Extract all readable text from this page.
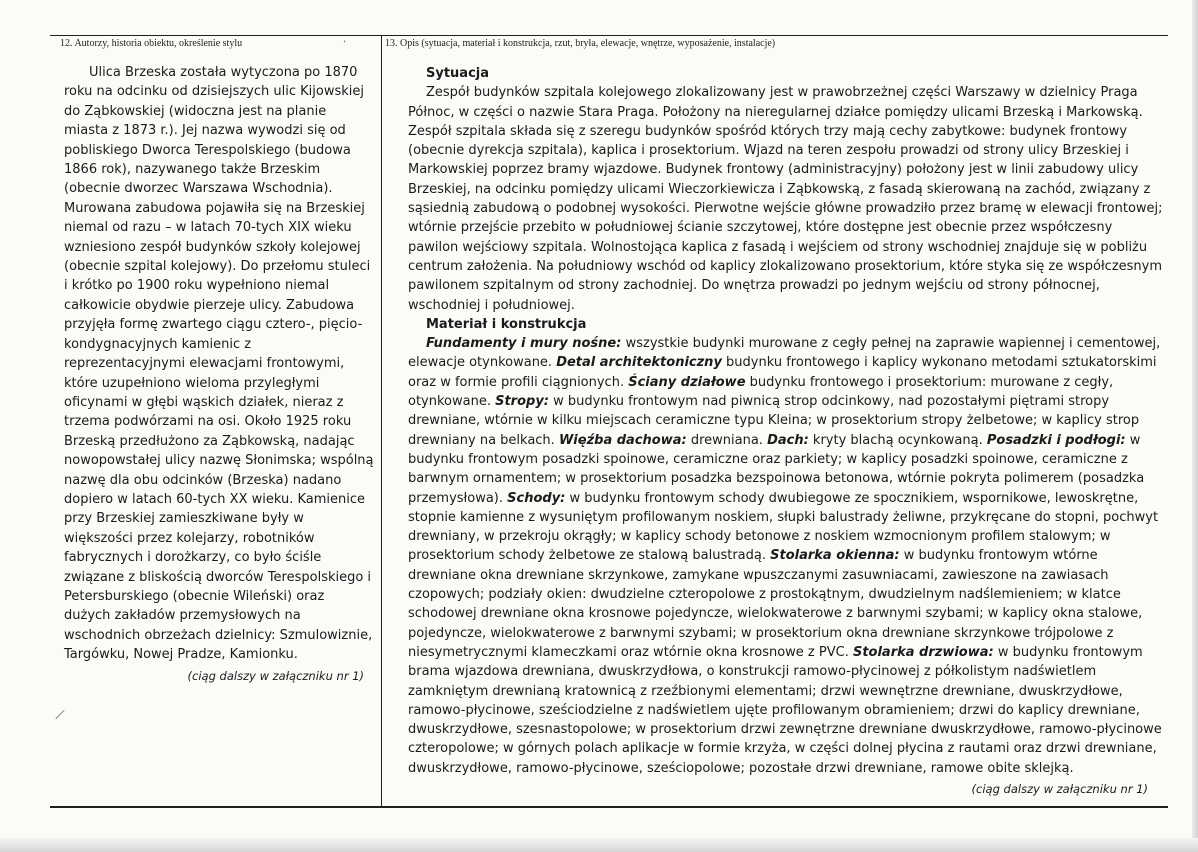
12. Autorzy, historia obiektu, określenie stylu	13. Opis (sytuacja, materiał i konstrukcja, rzut, bryła, elewacje, wnętrze, wyposażenie, instalacje)
ʼ

Ulica Brzeska została wytyczona po 1870 roku na odcinku od dzisiejszych ulic Kijowskiej do Ząbkowskiej (widoczna jest na planie miasta z 1873 r.). Jej nazwa wywodzi się od pobliskiego Dworca Terespolskiego (budowa 1866 rok), nazywanego także Brzeskim (obecnie dworzec Warszawa Wschodnia). Murowana zabudowa pojawiła się na Brzeskiej niemal od razu – w latach 70-tych XIX wieku wzniesiono zespół budynków szkoły kolejowej (obecnie szpital kolejowy). Do przełomu stuleci i krótko po 1900 roku wypełniono niemal całkowicie obydwie pierzeje ulicy. Zabudowa przyjęła formę zwartego ciągu cztero-, pięcio-kondygnacyjnych kamienic z reprezentacyjnymi elewacjami frontowymi, które uzupełniono wieloma przyległymi oficynami w głębi wąskich działek, nieraz z trzema podwórzami na osi. Około 1925 roku Brzeską przedłużono za Ząbkowską, nadając nowopowstałej ulicy nazwę Słonimska; wspólną nazwę dla obu odcinków (Brzeska) nadano dopiero w latach 60-tych XX wieku. Kamienice przy Brzeskiej zamieszkiwane były w większości przez kolejarzy, robotników fabrycznych i dorożkarzy, co było ściśle związane z bliskością dworców Terespolskiego i Petersburskiego (obecnie Wileński) oraz dużych zakładów przemysłowych na wschodnich obrzeżach dzielnicy: Szmulowiznie, Targówku, Nowej Pradze, Kamionku.

(ciąg dalszy w załączniku nr 1)
Sytuacja

Zespół budynków szpitala kolejowego zlokalizowany jest w prawobrzeżnej części Warszawy w dzielnicy Praga Północ, w części o nazwie Stara Praga. Położony na nieregularnej działce pomiędzy ulicami Brzeską i Markowską. Zespół szpitala składa się z szeregu budynków spośród których trzy mają cechy zabytkowe: budynek frontowy (obecnie dyrekcja szpitala), kaplica i prosektorium. Wjazd na teren zespołu prowadzi od strony ulicy Brzeskiej i Markowskiej poprzez bramy wjazdowe. Budynek frontowy (administracyjny) położony jest w linii zabudowy ulicy Brzeskiej, na odcinku pomiędzy ulicami Wieczorkiewicza i Ząbkowską, z fasadą skierowaną na zachód, związany z sąsiednią zabudową o podobnej wysokości. Pierwotne wejście główne prowadziło przez bramę w elewacji frontowej; wtórnie przejście przebito w południowej ścianie szczytowej, które dostępne jest obecnie przez współczesny pawilon wejściowy szpitala. Wolnostojąca kaplica z fasadą i wejściem od strony wschodniej znajduje się w pobliżu centrum założenia. Na południowy wschód od kaplicy zlokalizowano prosektorium, które styka się ze współczesnym pawilonem szpitalnym od strony zachodniej. Do wnętrza prowadzi po jednym wejściu od strony północnej, wschodniej i południowej.

Materiał i konstrukcja

Fundamenty i mury nośne: wszystkie budynki murowane z cegły pełnej na zaprawie wapiennej i cementowej, elewacje otynkowane. Detal architektoniczny budynku frontowego i kaplicy wykonano metodami sztukatorskimi oraz w formie profili ciągnionych. Ściany działowe budynku frontowego i prosektorium: murowane z cegły, otynkowane. Stropy: w budynku frontowym nad piwnicą strop odcinkowy, nad pozostałymi piętrami stropy drewniane, wtórnie w kilku miejscach ceramiczne typu Kleina; w prosektorium stropy żelbetowe; w kaplicy strop drewniany na belkach. Więźba dachowa: drewniana. Dach: kryty blachą ocynkowaną. Posadzki i podłogi: w budynku frontowym posadzki spoinowe, ceramiczne oraz parkiety; w kaplicy posadzki spoinowe, ceramiczne z barwnym ornamentem; w prosektorium posadzka bezspoinowa betonowa, wtórnie pokryta polimerem (posadzka przemysłowa). Schody: w budynku frontowym schody dwubiegowe ze spocznikiem, wspornikowe, lewoskrętne, stopnie kamienne z wysuniętym profilowanym noskiem, słupki balustrady żeliwne, przykręcane do stopni, pochwyt drewniany, w przekroju okrągły; w kaplicy schody betonowe z noskiem wzmocnionym profilem stalowym; w prosektorium schody żelbetowe ze stalową balustradą. Stolarka okienna: w budynku frontowym wtórne drewniane okna drewniane skrzynkowe, zamykane wpuszczanymi zasuwniacami, zawieszone na zawiasach czopowych; podziały okien: dwudzielne czteropolowe z prostokątnym, dwudzielnym nadślemieniem; w klatce schodowej drewniane okna krosnowe pojedyncze, wielokwaterowe z barwnymi szybami; w kaplicy okna stalowe, pojedyncze, wielokwaterowe z barwnymi szybami; w prosektorium okna drewniane skrzynkowe trójpolowe z niesymetrycznymi klameczkami oraz wtórnie okna krosnowe z PVC. Stolarka drzwiowa: w budynku frontowym brama wjazdowa drewniana, dwuskrzydłowa, o konstrukcji ramowo-płycinowej z półkolistym nadświetlem zamkniętym drewnianą kratownicą z rzeźbionymi elementami; drzwi wewnętrzne drewniane, dwuskrzydłowe, ramowo-płycinowe, sześciodzielne z nadświetlem ujęte profilowanym obramieniem; drzwi do kaplicy drewniane, dwuskrzydłowe, szesnastopolowe; w prosektorium drzwi zewnętrzne drewniane dwuskrzydłowe, ramowo-płycinowe czteropolowe; w górnych polach aplikacje w formie krzyża, w części dolnej płycina z rautami oraz drzwi drewniane, dwuskrzydłowe, ramowo-płycinowe, sześciopolowe; pozostałe drzwi drewniane, ramowe obite sklejką.

(ciąg dalszy w załączniku nr 1)
